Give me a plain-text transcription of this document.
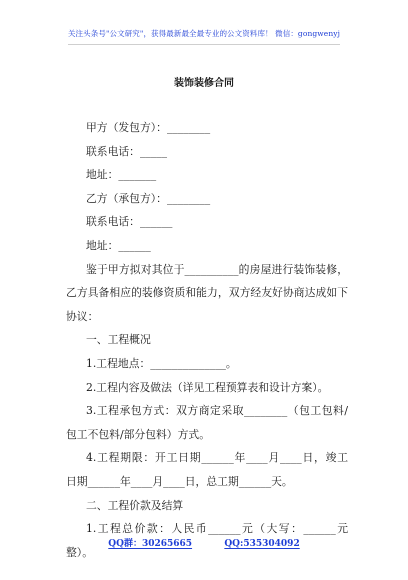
关注头条号"公文研究"，获得最新最全最专业的公文资料库！ 微信：gongwenyj
装饰装修合同
甲方（发包方）：________
联系电话：_____
地址：_______
乙方（承包方）：________
联系电话：______
地址：______
鉴于甲方拟对其位于__________的房屋进行装饰装修，
乙方具备相应的装修资质和能力，双方经友好协商达成如下
协议：
一、工程概况
1.工程地点：______________。
2.工程内容及做法（详见工程预算表和设计方案）。
3.工程承包方式：双方商定采取________（包工包料/
包工不包料/部分包料）方式。
4.工程期限：开工日期______年____月____日，竣工
日期______年____月____日，总工期______天。
二、工程价款及结算
1.工程总价款：人民币______元（大写：______元
整）。
QQ群：30265665	QQ:535304092
